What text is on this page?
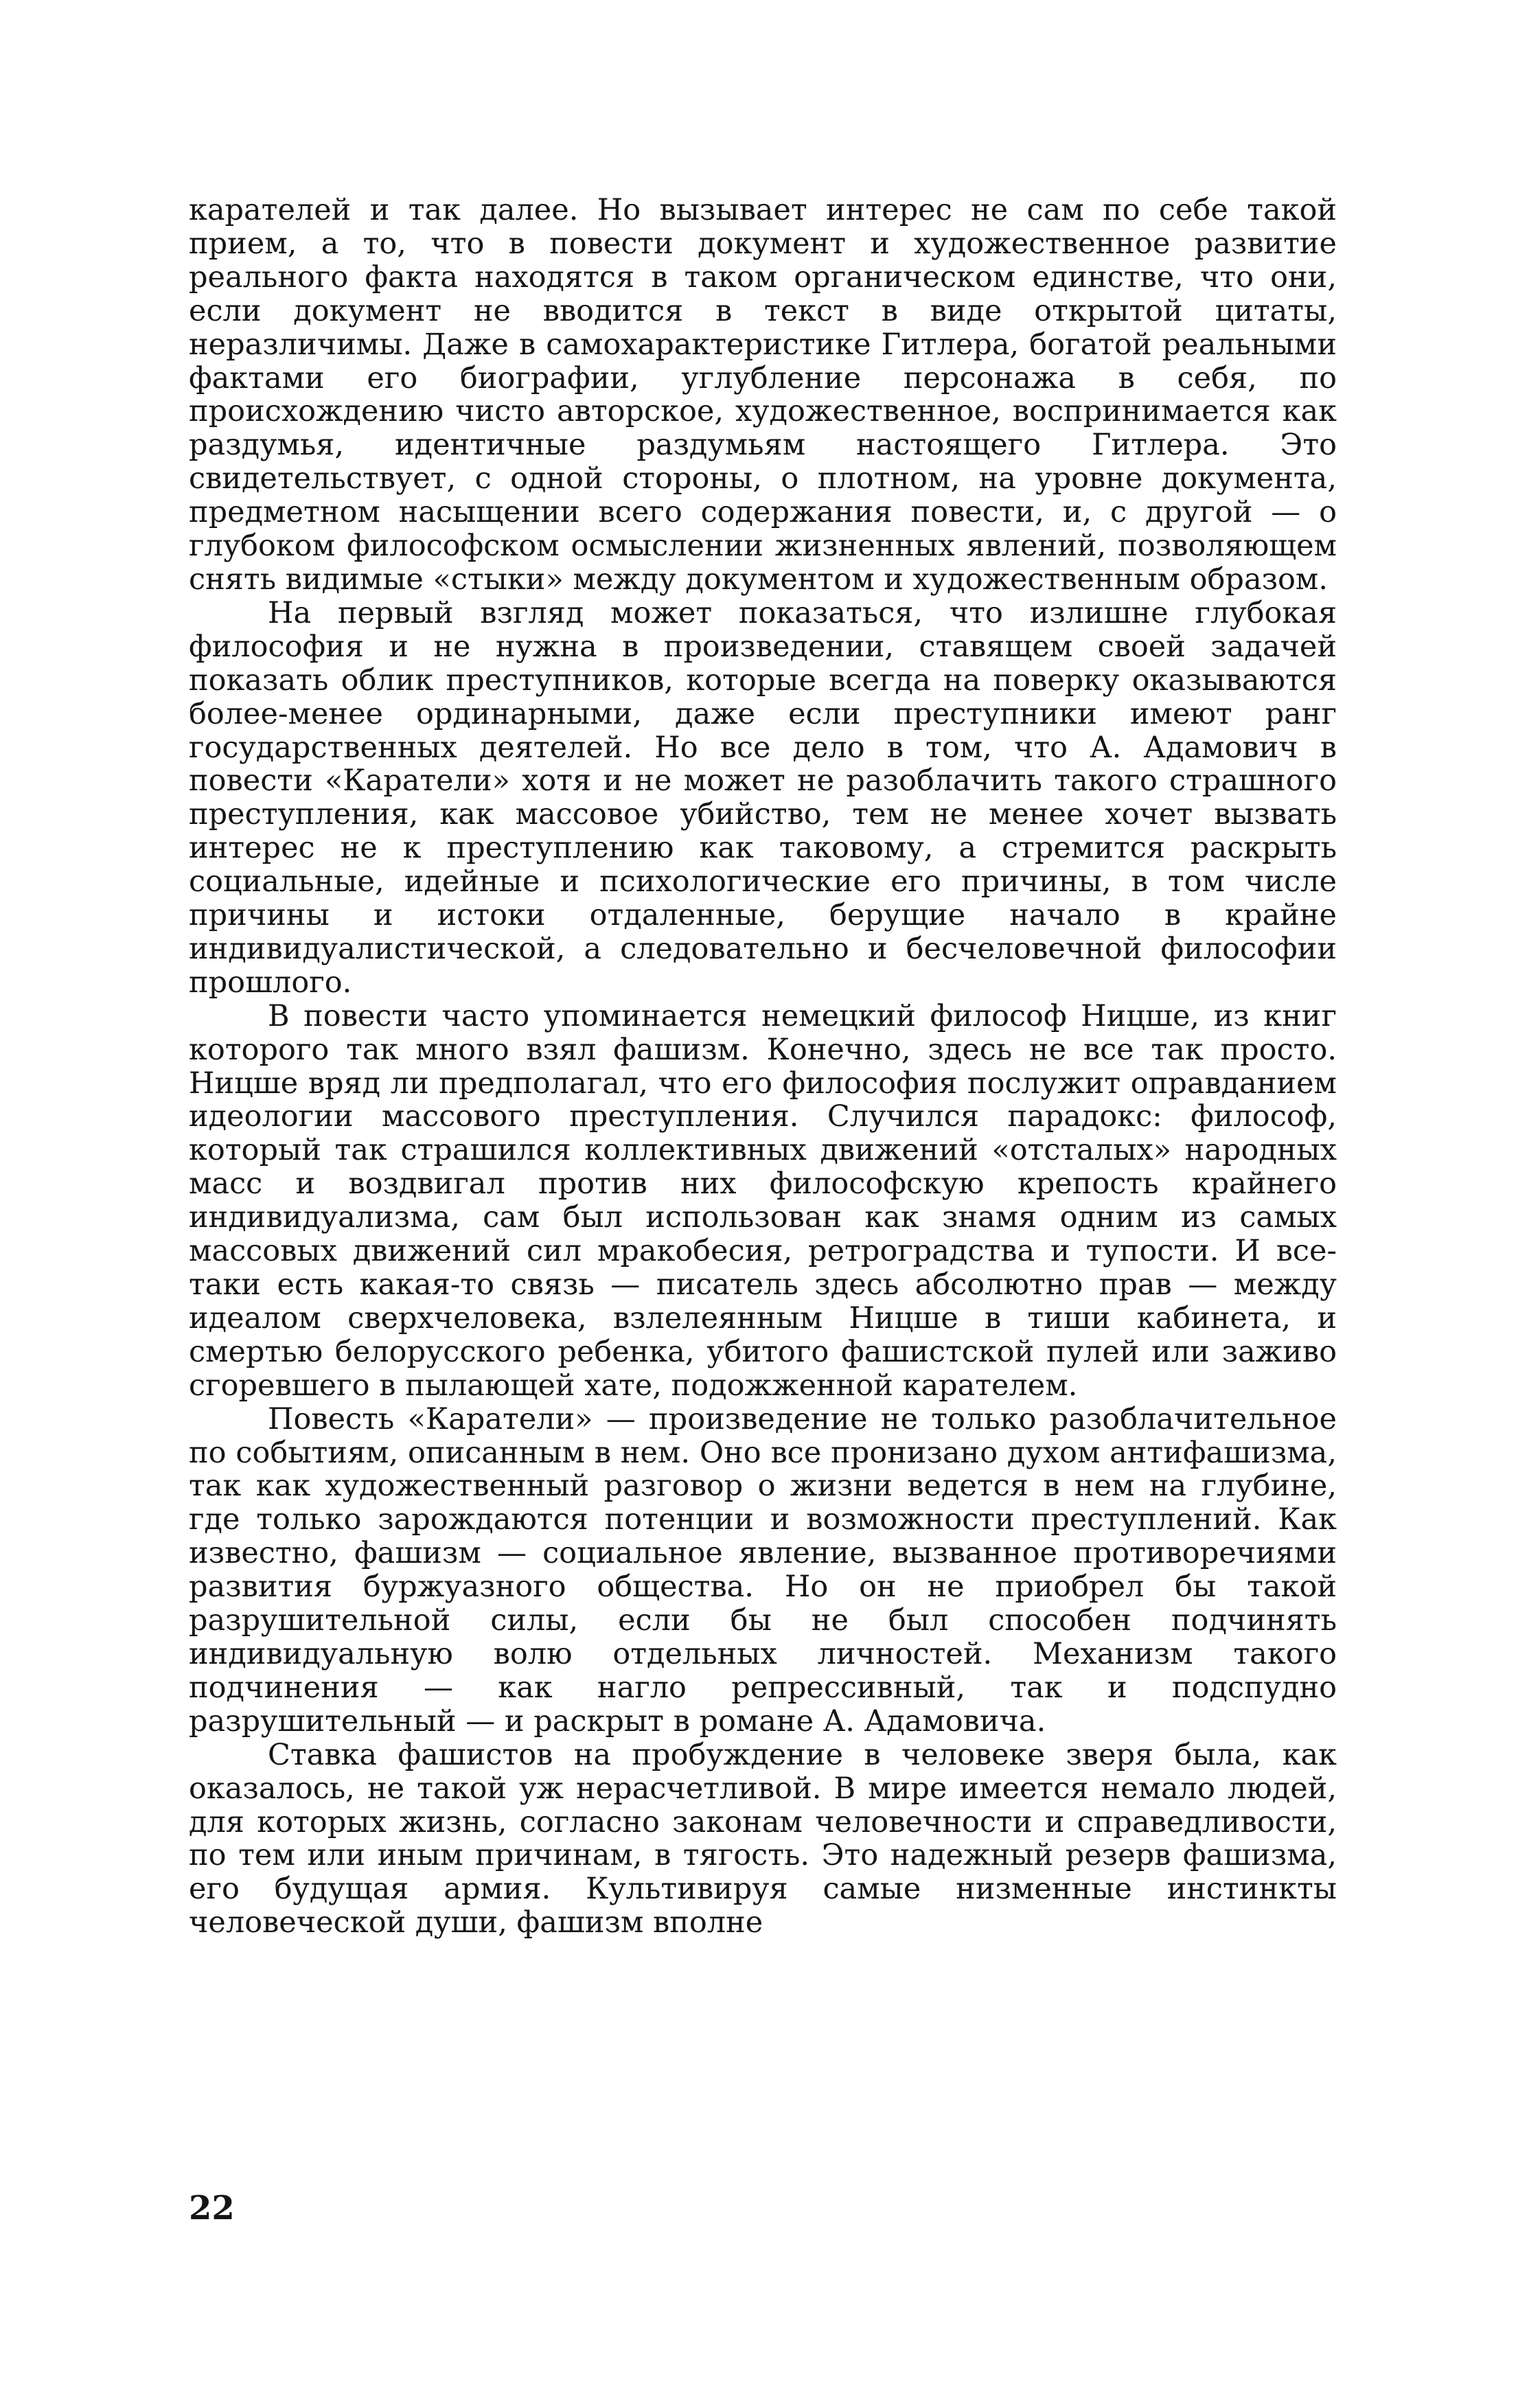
карателей и так далее. Но вызывает интерес не сам по себе такой прием, а то, что в повести документ и художественное развитие реального факта находятся в таком органическом единстве, что они, если документ не вводится в текст в виде открытой цитаты, неразличимы. Даже в самохарактеристике Гитлера, богатой реальными фактами его биографии, углубление персонажа в себя, по происхождению чисто авторское, художественное, воспринимается как раздумья, идентичные раздумьям настоящего Гитлера. Это свидетельствует, с одной стороны, о плотном, на уровне документа, предметном насыщении всего содержания повести, и, с другой — о глубоком философском осмыслении жизненных явлений, позволяющем снять видимые «стыки» между документом и художественным образом.

На первый взгляд может показаться, что излишне глубокая философия и не нужна в произведении, ставящем своей задачей показать облик преступников, которые всегда на поверку оказываются более-менее ординарными, даже если преступники имеют ранг государственных деятелей. Но все дело в том, что А. Адамович в повести «Каратели» хотя и не может не разоблачить такого страшного преступления, как массовое убийство, тем не менее хочет вызвать интерес не к преступлению как таковому, а стремится раскрыть социальные, идейные и психологические его причины, в том числе причины и истоки отдаленные, берущие начало в крайне индивидуалистической, а следовательно и бесчеловечной философии прошлого.

В повести часто упоминается немецкий философ Ницше, из книг которого так много взял фашизм. Конечно, здесь не все так просто. Ницше вряд ли предполагал, что его философия послужит оправданием идеологии массового преступления. Случился парадокс: философ, который так страшился коллективных движений «отсталых» народных масс и воздвигал против них философскую крепость крайнего индивидуализма, сам был использован как знамя одним из самых массовых движений сил мракобесия, ретроградства и тупости. И все-таки есть какая-то связь — писатель здесь абсолютно прав — между идеалом сверхчеловека, взлелеянным Ницше в тиши кабинета, и смертью белорусского ребенка, убитого фашистской пулей или заживо сгоревшего в пылающей хате, подожженной карателем.

Повесть «Каратели» — произведение не только разоблачительное по событиям, описанным в нем. Оно все пронизано духом антифашизма, так как художественный разговор о жизни ведется в нем на глубине, где только зарождаются потенции и возможности преступлений. Как известно, фашизм — социальное явление, вызванное противоречиями развития буржуазного общества. Но он не приобрел бы такой разрушительной силы, если бы не был способен подчинять индивидуальную волю отдельных личностей. Механизм такого подчинения — как нагло репрессивный, так и подспудно разрушительный — и раскрыт в романе А. Адамовича.

Ставка фашистов на пробуждение в человеке зверя была, как оказалось, не такой уж нерасчетливой. В мире имеется немало людей, для которых жизнь, согласно законам человечности и справедливости, по тем или иным причинам, в тягость. Это надежный резерв фашизма, его будущая армия. Культивируя самые низменные инстинкты человеческой души, фашизм вполне

22
